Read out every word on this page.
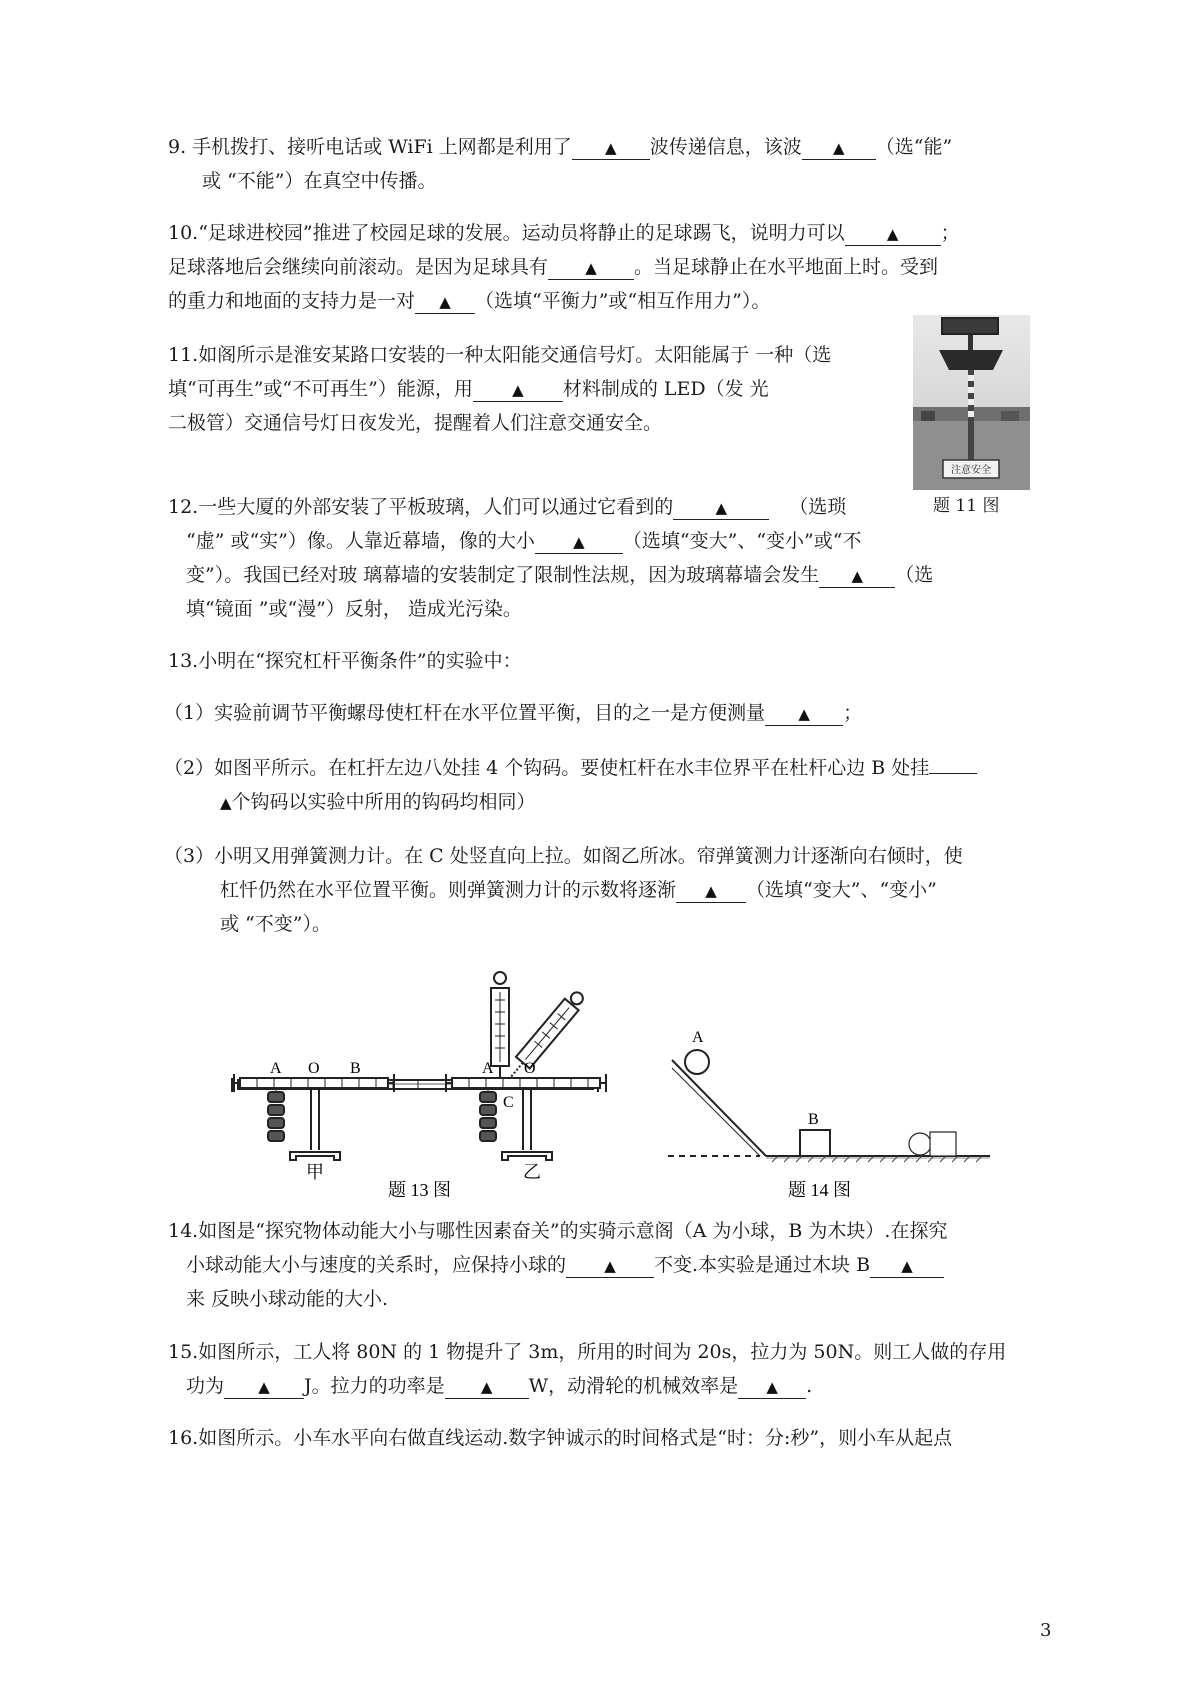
9. 手机拨打、接听电话或 WiFi 上网都是利用了 ▲ 波传递信息，该波 ▲ （选“能”
或 “不能”）在真空中传播。
10.“足球进校园”推进了校园足球的发展。运动员将静止的足球踢飞，说明力可以	▲ ；
足球落地后会继续向前滚动。是因为足球具有 ▲ 。当足球静止在水平地面上时。受到
的重力和地面的支持力是一对 ▲ （选填“平衡力”或“相互作用力”）。
11.如阁所示是淮安某路口安装的一种太阳能交通信号灯。太阳能属于 一种（选
填“可再生”或“不可再生”）能源，用	▲ 材料制成的 LED（发 光
二极管）交通信号灯日夜发光，提醒着人们注意交通安全。
注意安全
题 11 图
12.一些大厦的外部安装了平板玻璃，人们可以通过它看到的	▲	（选琐
“虚” 或“实”）像。人靠近幕墙，像的大小	▲ （选填“变大”、“变小”或“不
变”）。我国已经对玻 璃幕墙的安装制定了限制性法规，因为玻璃幕墙会发生 ▲ （选
填“镜面 ”或“漫”）反射， 造成光污染。
13.小明在“探究杠杆平衡条件”的实验中：
（1）实验前调节平衡螺母使杠杆在水平位置平衡，目的之一是方便测量 ▲ ；
（2）如图平所示。在杠扞左边八处挂 4 个钩码。要使杠杆在水丰位界平在杜杆心边 B 处挂
▲个钩码以实验中所用的钩码均相同）
（3）小明又用弹簧测力计。在 C 处竖直向上拉。如阁乙所冰。帘弹簧测力计逐渐向右倾时，使
杠忏仍然在水平位置平衡。则弹簧测力计的示数将逐渐 ▲ （选填“变大”、“变小”
或 “不变”）。
A O B
甲
A O
C
乙
题 13 图
A
B
题 14 图
14.如图是“探究物体动能大小与哪性因素奋关”的实骑示意阁（A 为小球，B 为木块）.在探究
小球动能大小与速度的关系时，应保持小球的	▲ 不变.本实验是通过木块 B ▲
来 反映小球动能的大小.
15.如图所示，工人将 80N 的 1 物提升了 3m，所用的时间为 20s，拉力为 50N。则工人做的存用
功为 ▲ J。拉力的功率是 ▲ W，动滑轮的机械效率是 ▲ .
16.如图所示。小车水平向右做直线运动.数字钟诚示的时间格式是“时：分:秒”，则小车从起点
3
